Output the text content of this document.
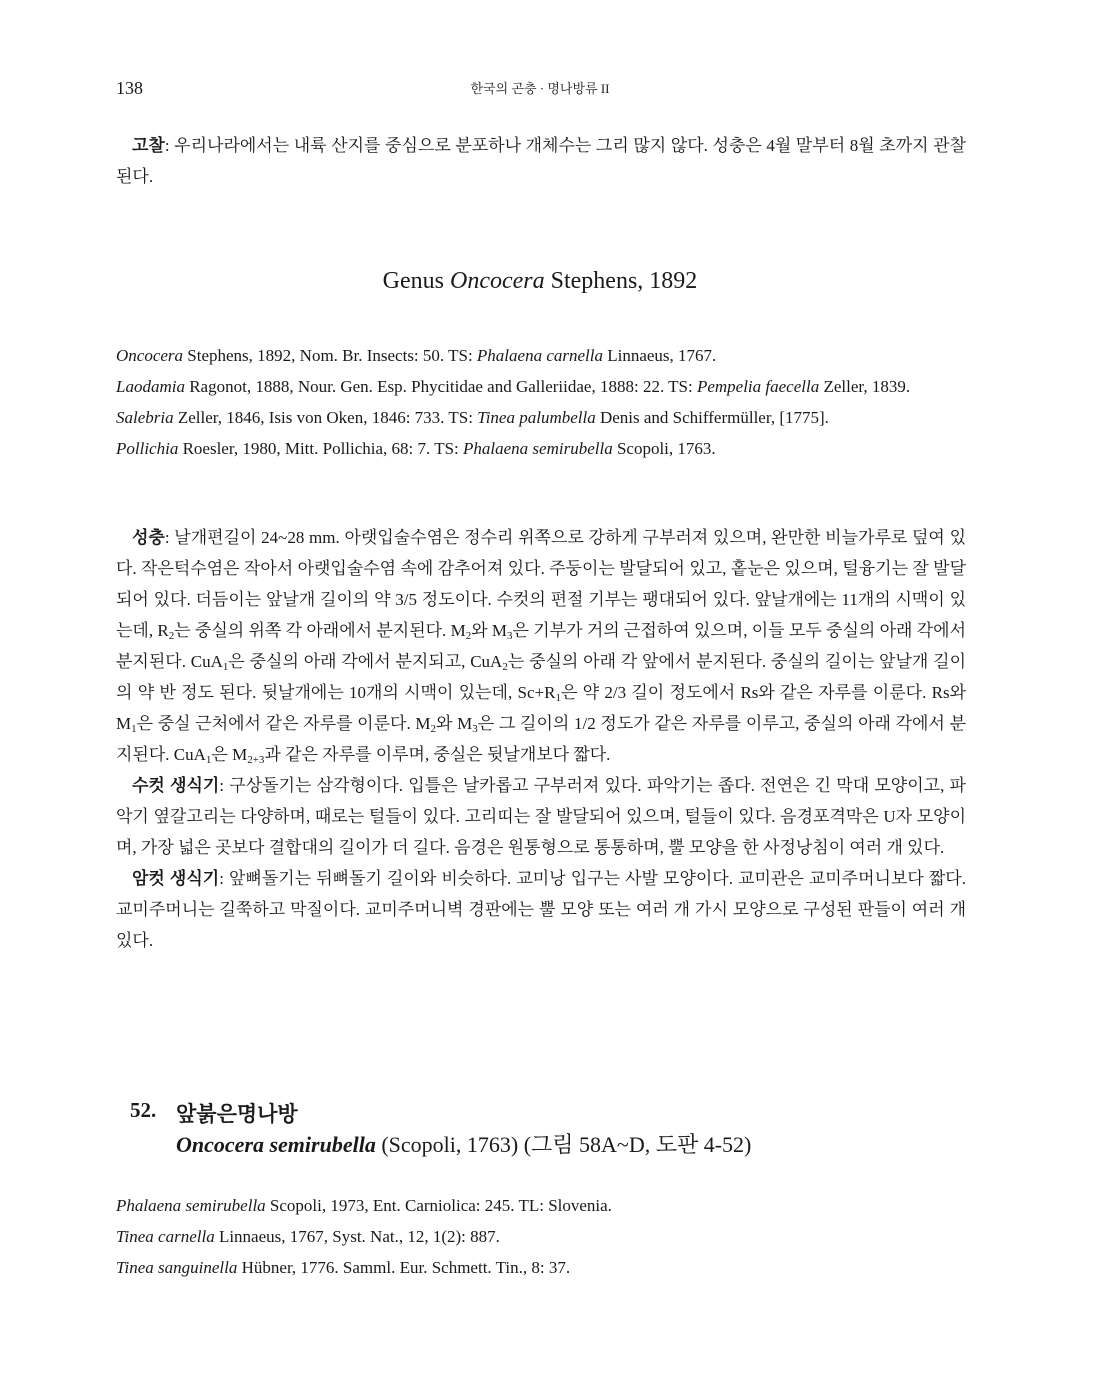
138	한국의 곤충 · 명나방류 II
고찰: 우리나라에서는 내륙 산지를 중심으로 분포하나 개체수는 그리 많지 않다. 성충은 4월 말부터 8월 초까지 관찰된다.
Genus Oncocera Stephens, 1892
Oncocera Stephens, 1892, Nom. Br. Insects: 50. TS: Phalaena carnella Linnaeus, 1767.
Laodamia Ragonot, 1888, Nour. Gen. Esp. Phycitidae and Galleriidae, 1888: 22. TS: Pempelia faecella Zeller, 1839.
Salebria Zeller, 1846, Isis von Oken, 1846: 733. TS: Tinea palumbella Denis and Schiffermüller, [1775].
Pollichia Roesler, 1980, Mitt. Pollichia, 68: 7. TS: Phalaena semirubella Scopoli, 1763.
성충: 날개편길이 24~28 mm. 아랫입술수염은 정수리 위쪽으로 강하게 구부러져 있으며, 완만한 비늘가루로 덮여 있다. 작은턱수염은 작아서 아랫입술수염 속에 감추어져 있다. 주둥이는 발달되어 있고, 홑눈은 있으며, 털융기는 잘 발달되어 있다. 더듬이는 앞날개 길이의 약 3/5 정도이다. 수컷의 편절 기부는 팽대되어 있다. 앞날개에는 11개의 시맥이 있는데, $R_2$는 중실의 위쪽 각 아래에서 분지된다. $M_2$와 $M_3$은 기부가 거의 근접하여 있으며, 이들 모두 중실의 아래 각에서 분지된다. CuA$_1$은 중실의 아래 각에서 분지되고, CuA$_2$는 중실의 아래 각 앞에서 분지된다. 중실의 길이는 앞날개 길이의 약 반 정도 된다. 뒷날개에는 10개의 시맥이 있는데, $Sc+R_1$은 약 2/3 길이 정도에서 Rs와 같은 자루를 이룬다. Rs와 $M_1$은 중실 근처에서 같은 자루를 이룬다. $M_2$와 $M_3$은 그 길이의 1/2 정도가 같은 자루를 이루고, 중실의 아래 각에서 분지된다. CuA$_1$은 $M_{2+3}$과 같은 자루를 이루며, 중실은 뒷날개보다 짧다.
수컷 생식기: 구상돌기는 삼각형이다. 입틀은 날카롭고 구부러져 있다. 파악기는 좁다. 전연은 긴 막대 모양이고, 파악기 옆갈고리는 다양하며, 때로는 털들이 있다. 고리띠는 잘 발달되어 있으며, 털들이 있다. 음경포격막은 U자 모양이며, 가장 넓은 곳보다 결합대의 길이가 더 길다. 음경은 원통형으로 통통하며, 뿔 모양을 한 사정낭침이 여러 개 있다.
암컷 생식기: 앞뼈돌기는 뒤뼈돌기 길이와 비슷하다. 교미낭 입구는 사발 모양이다. 교미관은 교미주머니보다 짧다. 교미주머니는 길쭉하고 막질이다. 교미주머니벽 경판에는 뿔 모양 또는 여러 개 가시 모양으로 구성된 판들이 여러 개 있다.
52. 앞붉은명나방
Oncocera semirubella (Scopoli, 1763) (그림 58A~D, 도판 4-52)
Phalaena semirubella Scopoli, 1973, Ent. Carniolica: 245. TL: Slovenia.
Tinea carnella Linnaeus, 1767, Syst. Nat., 12, 1(2): 887.
Tinea sanguinella Hübner, 1776. Samml. Eur. Schmett. Tin., 8: 37.
